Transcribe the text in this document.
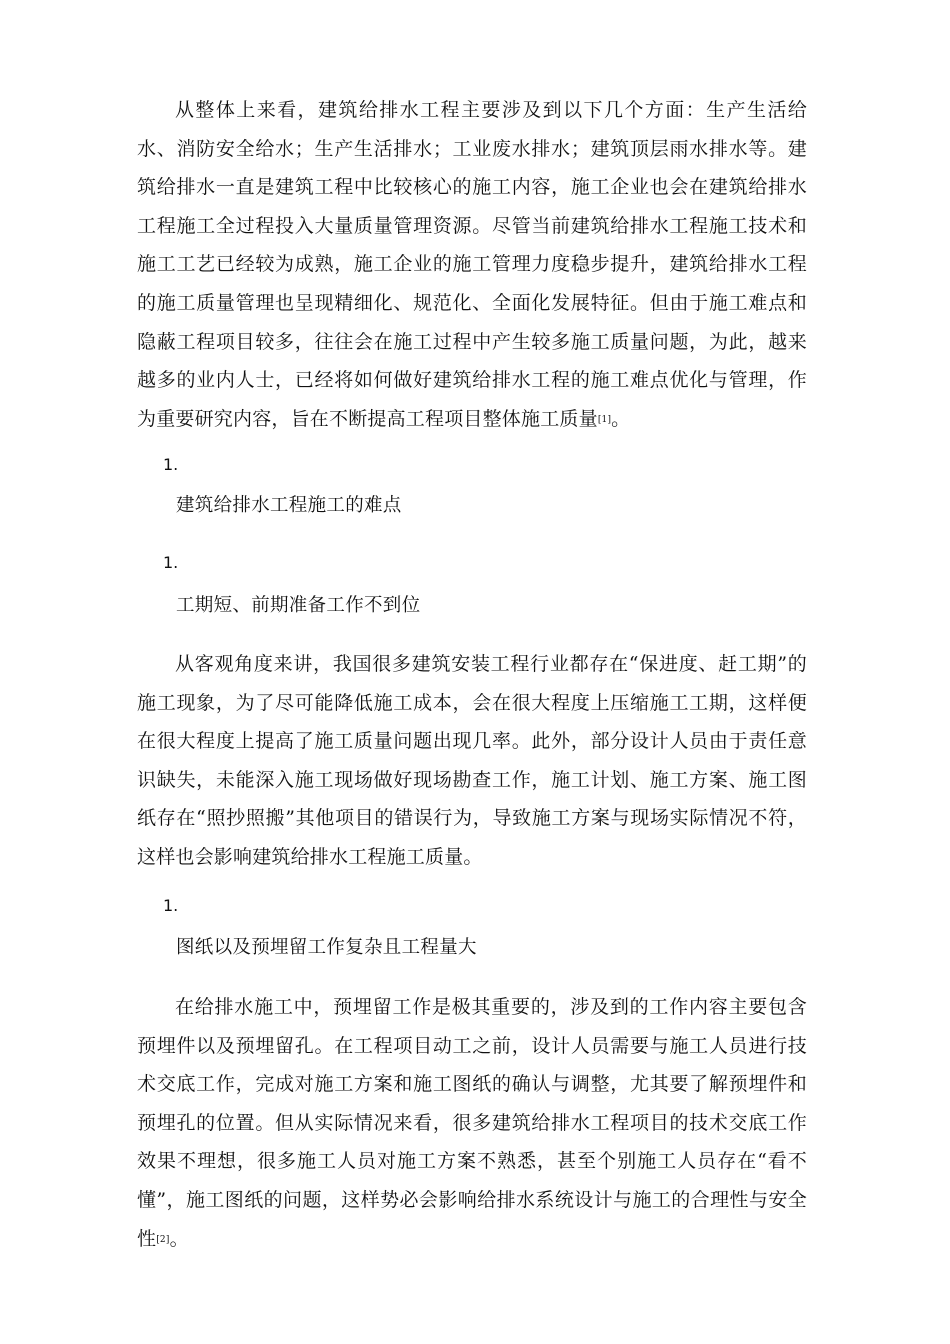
从整体上来看，建筑给排水工程主要涉及到以下几个方面：生产生活给水、消防安全给水；生产生活排水；工业废水排水；建筑顶层雨水排水等。建筑给排水一直是建筑工程中比较核心的施工内容，施工企业也会在建筑给排水工程施工全过程投入大量质量管理资源。尽管当前建筑给排水工程施工技术和施工工艺已经较为成熟，施工企业的施工管理力度稳步提升，建筑给排水工程的施工质量管理也呈现精细化、规范化、全面化发展特征。但由于施工难点和隐蔽工程项目较多，往往会在施工过程中产生较多施工质量问题，为此，越来越多的业内人士，已经将如何做好建筑给排水工程的施工难点优化与管理，作为重要研究内容，旨在不断提高工程项目整体施工质量[1]。

1.

建筑给排水工程施工的难点

1.

工期短、前期准备工作不到位

从客观角度来讲，我国很多建筑安装工程行业都存在“保进度、赶工期”的施工现象，为了尽可能降低施工成本，会在很大程度上压缩施工工期，这样便在很大程度上提高了施工质量问题出现几率。此外，部分设计人员由于责任意识缺失，未能深入施工现场做好现场勘查工作，施工计划、施工方案、施工图纸存在“照抄照搬”其他项目的错误行为，导致施工方案与现场实际情况不符，这样也会影响建筑给排水工程施工质量。

1.

图纸以及预埋留工作复杂且工程量大

在给排水施工中，预埋留工作是极其重要的，涉及到的工作内容主要包含预埋件以及预埋留孔。在工程项目动工之前，设计人员需要与施工人员进行技术交底工作，完成对施工方案和施工图纸的确认与调整，尤其要了解预埋件和预埋孔的位置。但从实际情况来看，很多建筑给排水工程项目的技术交底工作效果不理想，很多施工人员对施工方案不熟悉，甚至个别施工人员存在“看不懂”，施工图纸的问题，这样势必会影响给排水系统设计与施工的合理性与安全性[2]。
